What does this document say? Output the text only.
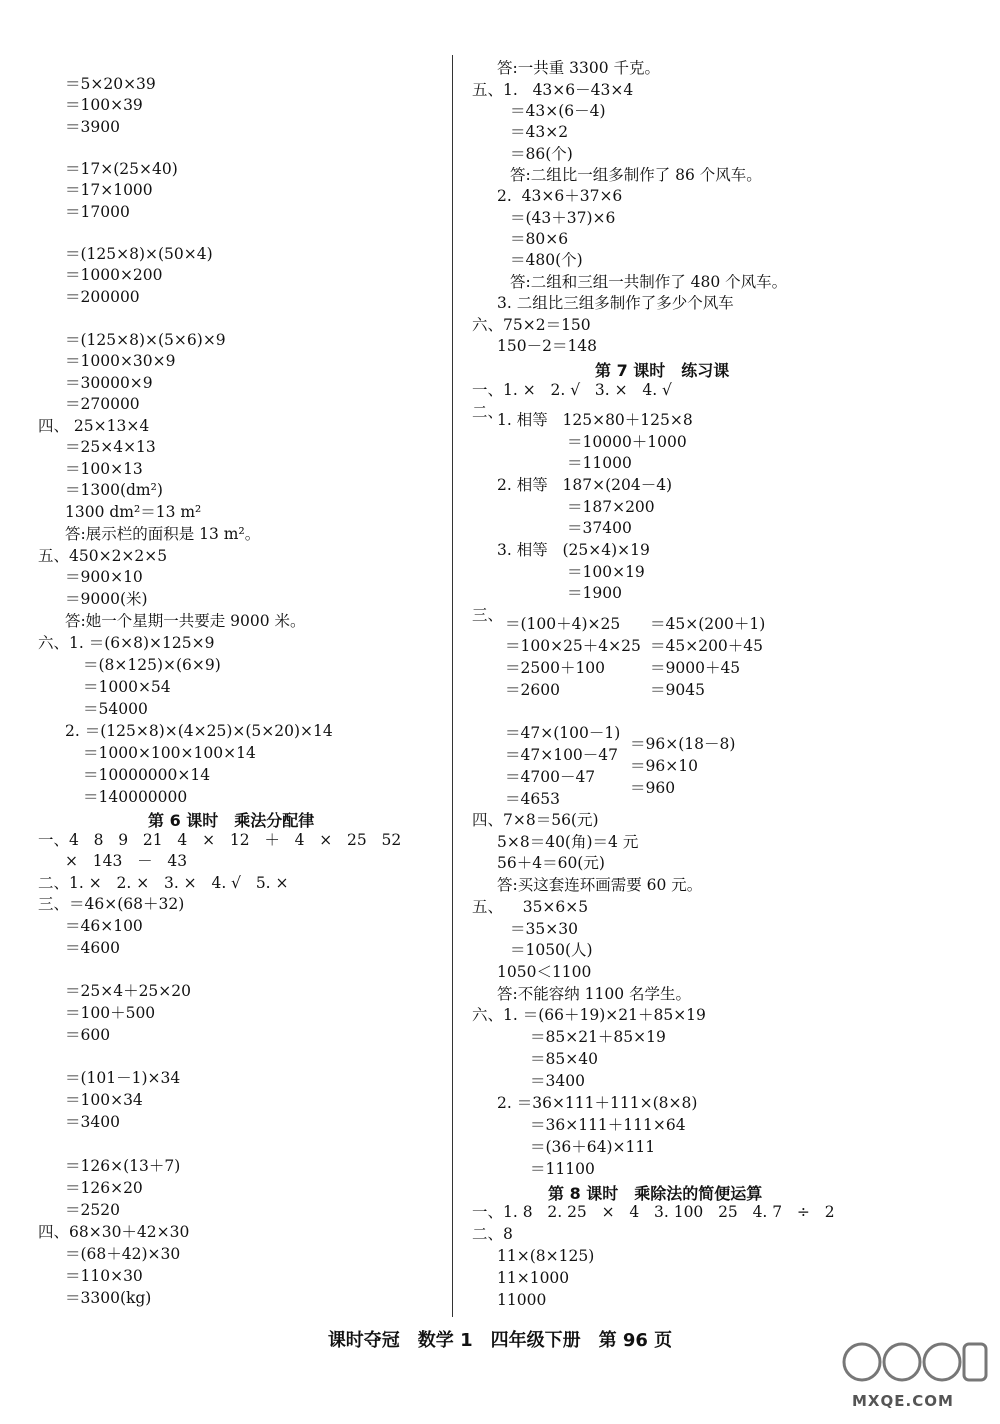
＝5×20×39
＝100×39
＝3900
＝17×(25×40)
＝17×1000
＝17000
＝(125×8)×(50×4)
＝1000×200
＝200000
＝(125×8)×(5×6)×9
＝1000×30×9
＝30000×9
＝270000
四、 25×13×4
＝25×4×13
＝100×13
＝1300(dm²)
1300 dm²＝13 m²
答:展示栏的面积是 13 m²。
五、450×2×2×5
＝900×10
＝9000(米)
答:她一个星期一共要走 9000 米。
六、1. ＝(6×8)×125×9
＝(8×125)×(6×9)
＝1000×54
＝54000
2. ＝(125×8)×(4×25)×(5×20)×14
＝1000×100×100×14
＝10000000×14
＝140000000
一、4   8   9   21   4   ×   12   ＋   4   ×   25   52
×   143   －   43
二、1. ×   2. ×   3. ×   4. √   5. ×
三、＝46×(68＋32)
＝46×100
＝4600
＝25×4＋25×20
＝100＋500
＝600
＝(101－1)×34
＝100×34
＝3400
＝126×(13＋7)
＝126×20
＝2520
四、68×30＋42×30
＝(68＋42)×30
＝110×30
＝3300(kg)
第 6 课时　乘法分配律
答:一共重 3300 千克。
五、1.   43×6－43×4
＝43×(6－4)
＝43×2
＝86(个)
答:二组比一组多制作了 86 个风车。
2.  43×6＋37×6
＝(43＋37)×6
＝80×6
＝480(个)
答:二组和三组一共制作了 480 个风车。
3. 二组比三组多制作了多少个风车
六、75×2＝150
150－2＝148
一、1. ×   2. √   3. ×   4. √
二、
1. 相等   125×80＋125×8
＝10000＋1000
＝11000
2. 相等   187×(204－4)
＝187×200
＝37400
3. 相等   (25×4)×19
＝100×19
＝1900
三、 ＝(100＋4)×25
＝100×25＋4×25
＝2500＋100
＝2600
＝45×(200＋1)
＝45×200＋45
＝9000＋45
＝9045
＝47×(100－1)
＝47×100－47
＝4700－47
＝4653
＝96×(18－8)
＝96×10
＝960
四、7×8＝56(元)
5×8＝40(角)＝4 元
56＋4＝60(元)
答:买这套连环画需要 60 元。
五、    35×6×5
＝35×30
＝1050(人)
1050＜1100
答:不能容纳 1100 名学生。
六、1. ＝(66＋19)×21＋85×19
＝85×21＋85×19
＝85×40
＝3400
2. ＝36×111＋111×(8×8)
＝36×111＋111×64
＝(36＋64)×111
＝11100
一、1. 8   2. 25   ×   4   3. 100   25   4. 7   ÷   2
二、8
11×(8×125)
11×1000
11000
第 7 课时　练习课
第 8 课时　乘除法的简便运算
课时夺冠　数学 1　四年级下册　第 96 页
MXQE.COM
